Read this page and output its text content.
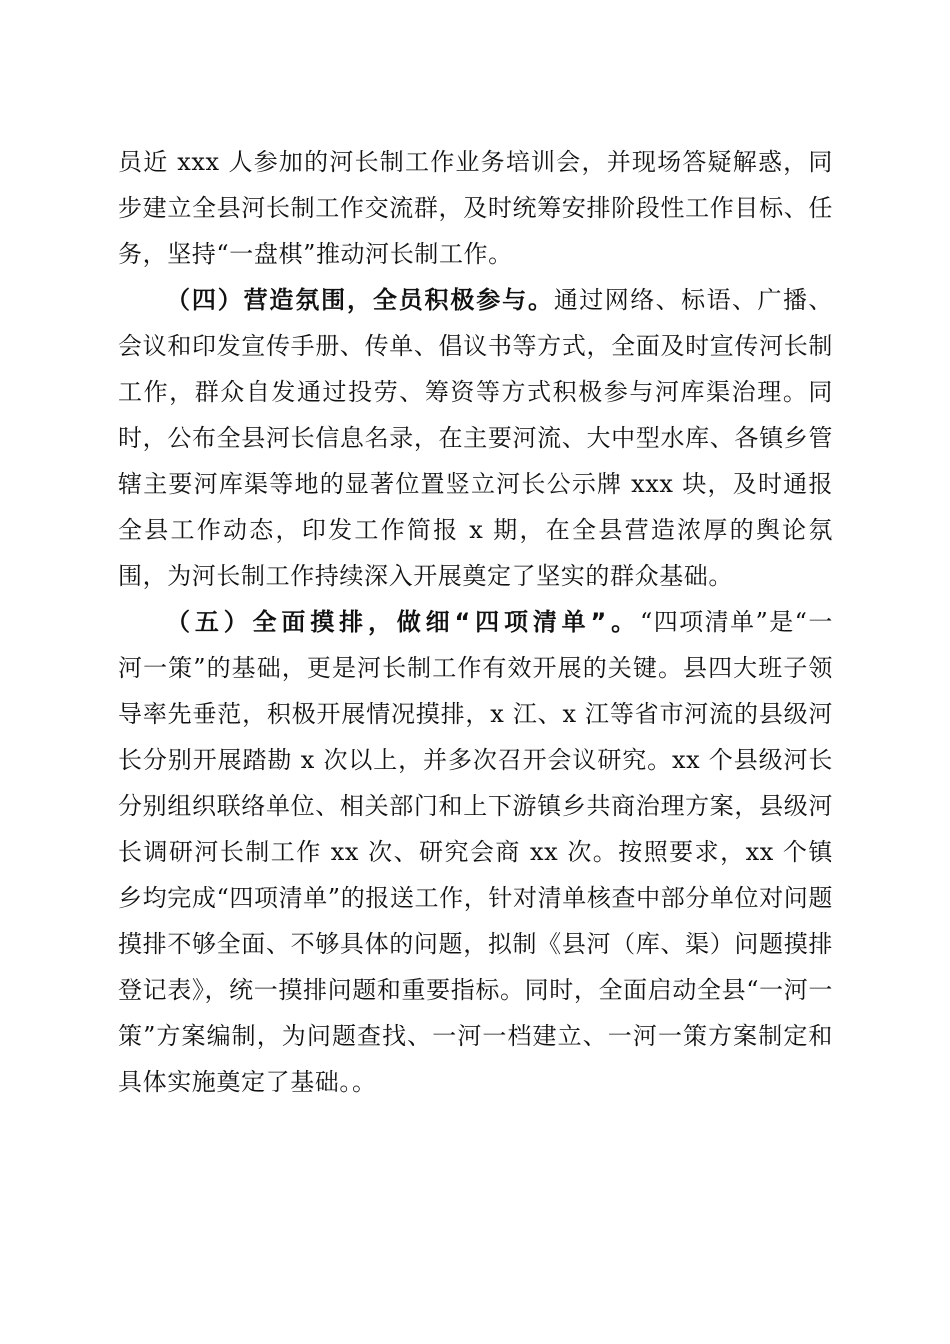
员近 xxx 人参加的河长制工作业务培训会，并现场答疑解惑，同步建立全县河长制工作交流群，及时统筹安排阶段性工作目标、任务，坚持“一盘棋”推动河长制工作。

（四）营造氛围，全员积极参与。通过网络、标语、广播、会议和印发宣传手册、传单、倡议书等方式，全面及时宣传河长制工作，群众自发通过投劳、筹资等方式积极参与河库渠治理。同时，公布全县河长信息名录，在主要河流、大中型水库、各镇乡管辖主要河库渠等地的显著位置竖立河长公示牌 xxx 块，及时通报全县工作动态，印发工作简报 x 期，在全县营造浓厚的舆论氛围，为河长制工作持续深入开展奠定了坚实的群众基础。

（五）全面摸排，做细“四项清单”。“四项清单”是“一河一策”的基础，更是河长制工作有效开展的关键。县四大班子领导率先垂范，积极开展情况摸排，x 江、x 江等省市河流的县级河长分别开展踏勘 x 次以上，并多次召开会议研究。xx 个县级河长分别组织联络单位、相关部门和上下游镇乡共商治理方案，县级河长调研河长制工作 xx 次、研究会商 xx 次。按照要求，xx 个镇乡均完成“四项清单”的报送工作，针对清单核查中部分单位对问题摸排不够全面、不够具体的问题，拟制《县河（库、渠）问题摸排登记表》，统一摸排问题和重要指标。同时，全面启动全县“一河一策”方案编制，为问题查找、一河一档建立、一河一策方案制定和具体实施奠定了基础。。
